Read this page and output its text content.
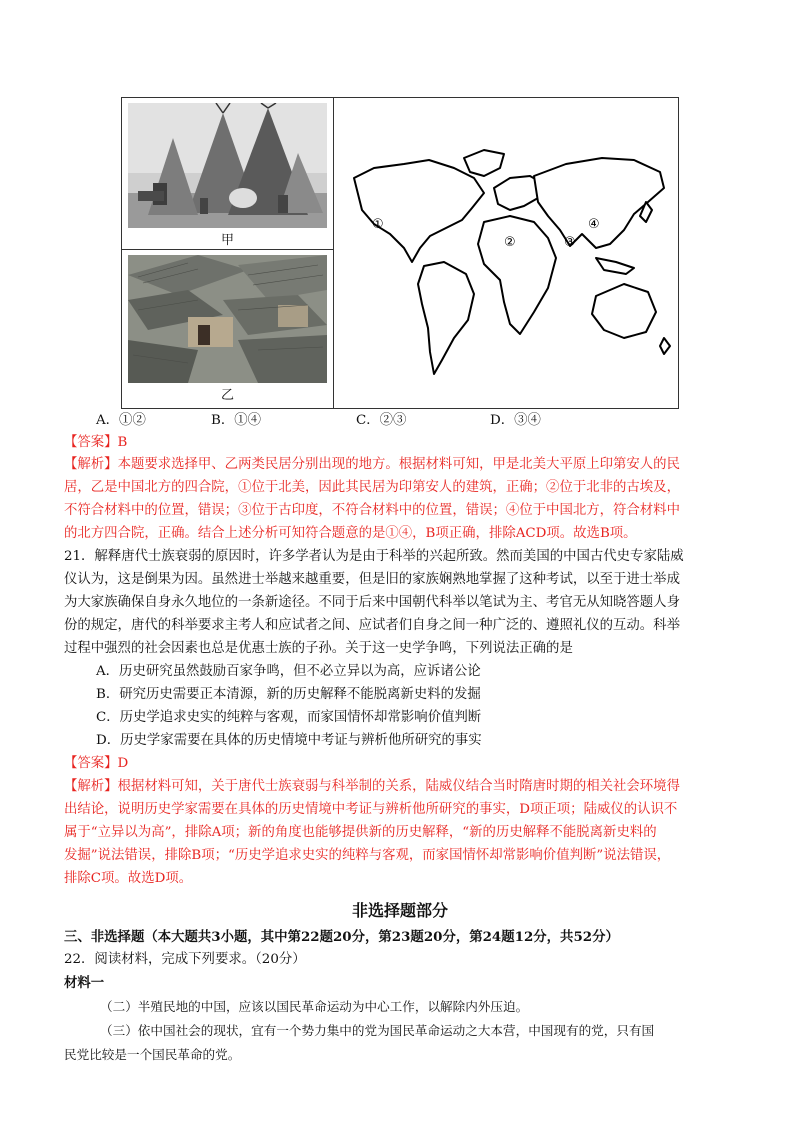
甲
乙
①
②	③
④
A．①②	B．①④	C．②③	D．③④
【答案】B
【解析】本题要求选择甲、乙两类民居分别出现的地方。根据材料可知，甲是北美大平原上印第安人的民
居，乙是中国北方的四合院，①位于北美，因此其民居为印第安人的建筑，正确；②位于北非的古埃及，
不符合材料中的位置，错误；③位于古印度，不符合材料中的位置，错误；④位于中国北方，符合材料中
的北方四合院，正确。结合上述分析可知符合题意的是①④，B项正确，排除ACD项。故选B项。
21．解释唐代士族衰弱的原因时，许多学者认为是由于科举的兴起所致。然而美国的中国古代史专家陆威
仪认为，这是倒果为因。虽然进士举越来越重要，但是旧的家族娴熟地掌握了这种考试，以至于进士举成
为大家族确保自身永久地位的一条新途径。不同于后来中国朝代科举以笔试为主、考官无从知晓答题人身
份的规定，唐代的科举要求主考人和应试者之间、应试者们自身之间一种广泛的、遵照礼仪的互动。科举
过程中强烈的社会因素也总是优惠士族的子孙。关于这一史学争鸣，下列说法正确的是
A．历史研究虽然鼓励百家争鸣，但不必立异以为高，应诉诸公论
B．研究历史需要正本清源，新的历史解释不能脱离新史料的发掘
C．历史学追求史实的纯粹与客观，而家国情怀却常影响价值判断
D．历史学家需要在具体的历史情境中考证与辨析他所研究的事实
【答案】D
【解析】根据材料可知，关于唐代士族衰弱与科举制的关系，陆威仪结合当时隋唐时期的相关社会环境得
出结论，说明历史学家需要在具体的历史情境中考证与辨析他所研究的事实，D项正项；陆威仪的认识不
属于“立异以为高”，排除A项；新的角度也能够提供新的历史解释，“新的历史解释不能脱离新史料的
发掘”说法错误，排除B项；“历史学追求史实的纯粹与客观，而家国情怀却常影响价值判断”说法错误，
排除C项。故选D项。
非选择题部分
三、非选择题（本大题共3小题，其中第22题20分，第23题20分，第24题12分，共52分）
22．阅读材料，完成下列要求。（20分）
材料一
（二）半殖民地的中国，应该以国民革命运动为中心工作，以解除内外压迫。
（三）依中国社会的现状，宜有一个势力集中的党为国民革命运动之大本营，中国现有的党，只有国
民党比较是一个国民革命的党。
